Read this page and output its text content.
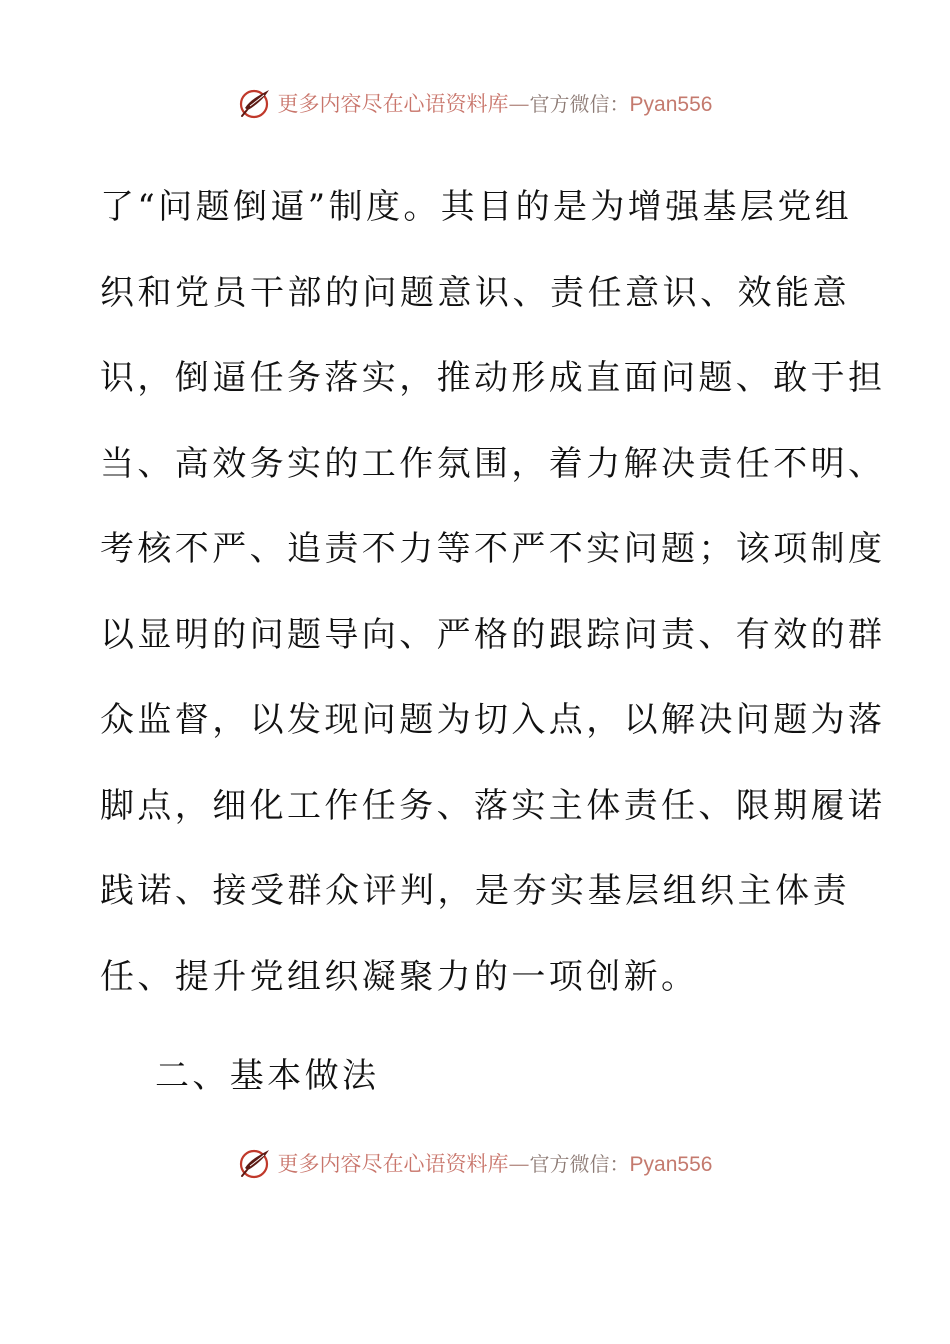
更多内容尽在心语资料库—官方微信：Pyan556
了“问题倒逼”制度。其目的是为增强基层党组
织和党员干部的问题意识、责任意识、效能意
识，倒逼任务落实，推动形成直面问题、敢于担
当、高效务实的工作氛围，着力解决责任不明、
考核不严、追责不力等不严不实问题；该项制度
以显明的问题导向、严格的跟踪问责、有效的群
众监督，以发现问题为切入点，以解决问题为落
脚点，细化工作任务、落实主体责任、限期履诺
践诺、接受群众评判，是夯实基层组织主体责
任、提升党组织凝聚力的一项创新。
二、基本做法
更多内容尽在心语资料库—官方微信：Pyan556
